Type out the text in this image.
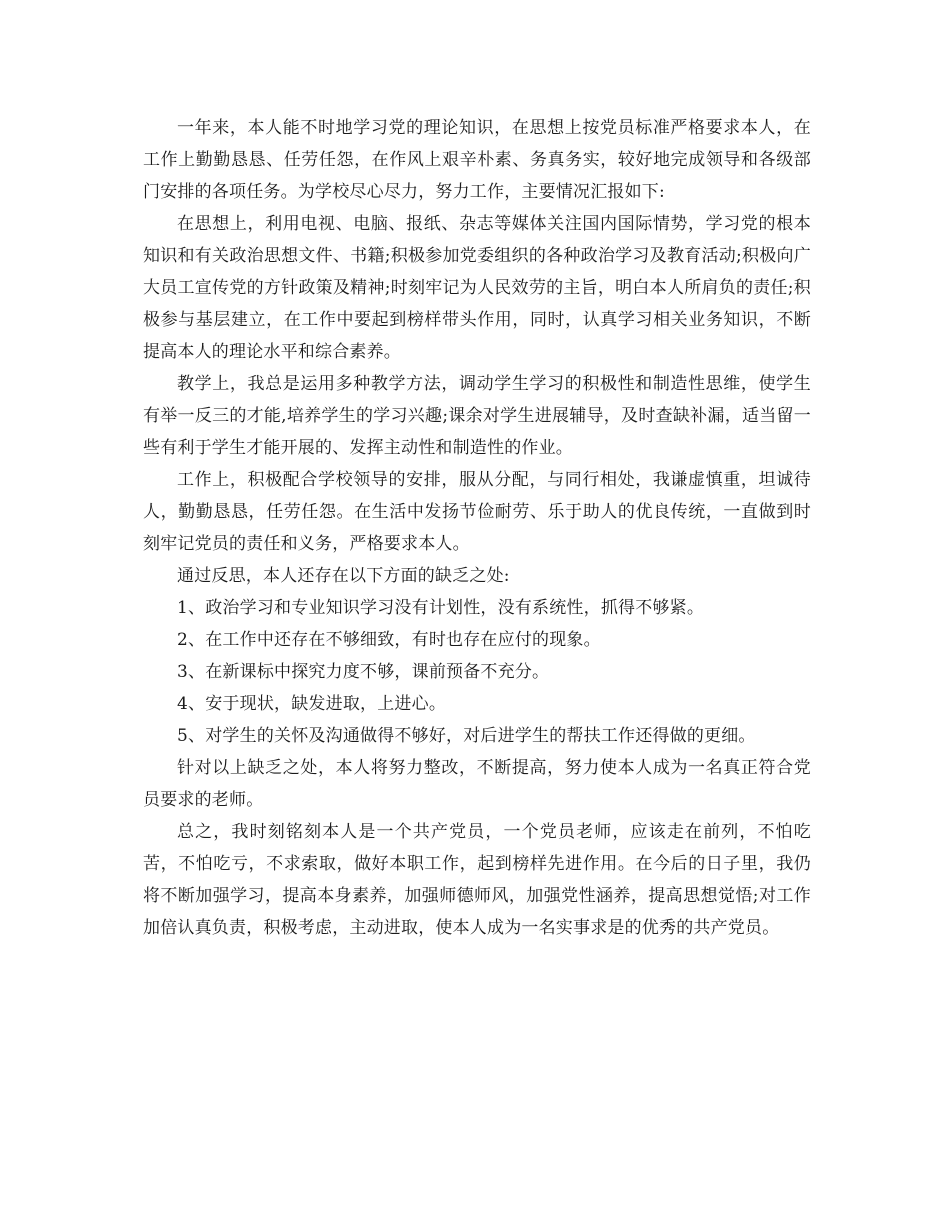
一年来，本人能不时地学习党的理论知识，在思想上按党员标准严格要求本人，在工作上勤勤恳恳、任劳任怨，在作风上艰辛朴素、务真务实，较好地完成领导和各级部门安排的各项任务。为学校尽心尽力，努力工作，主要情况汇报如下:

在思想上，利用电视、电脑、报纸、杂志等媒体关注国内国际情势，学习党的根本知识和有关政治思想文件、书籍;积极参加党委组织的各种政治学习及教育活动;积极向广大员工宣传党的方针政策及精神;时刻牢记为人民效劳的主旨，明白本人所肩负的责任;积极参与基层建立，在工作中要起到榜样带头作用，同时，认真学习相关业务知识，不断提高本人的理论水平和综合素养。

教学上，我总是运用多种教学方法，调动学生学习的积极性和制造性思维，使学生有举一反三的才能,培养学生的学习兴趣;课余对学生进展辅导，及时查缺补漏，适当留一些有利于学生才能开展的、发挥主动性和制造性的作业。

工作上，积极配合学校领导的安排，服从分配，与同行相处，我谦虚慎重，坦诚待人，勤勤恳恳，任劳任怨。在生活中发扬节俭耐劳、乐于助人的优良传统，一直做到时刻牢记党员的责任和义务，严格要求本人。

通过反思，本人还存在以下方面的缺乏之处:

1、政治学习和专业知识学习没有计划性，没有系统性，抓得不够紧。

2、在工作中还存在不够细致，有时也存在应付的现象。

3、在新课标中探究力度不够，课前预备不充分。

4、安于现状，缺发进取，上进心。

5、对学生的关怀及沟通做得不够好，对后进学生的帮扶工作还得做的更细。

针对以上缺乏之处，本人将努力整改，不断提高，努力使本人成为一名真正符合党员要求的老师。

总之，我时刻铭刻本人是一个共产党员，一个党员老师，应该走在前列，不怕吃苦，不怕吃亏，不求索取，做好本职工作，起到榜样先进作用。在今后的日子里，我仍将不断加强学习，提高本身素养，加强师德师风，加强党性涵养，提高思想觉悟;对工作加倍认真负责，积极考虑，主动进取，使本人成为一名实事求是的优秀的共产党员。
